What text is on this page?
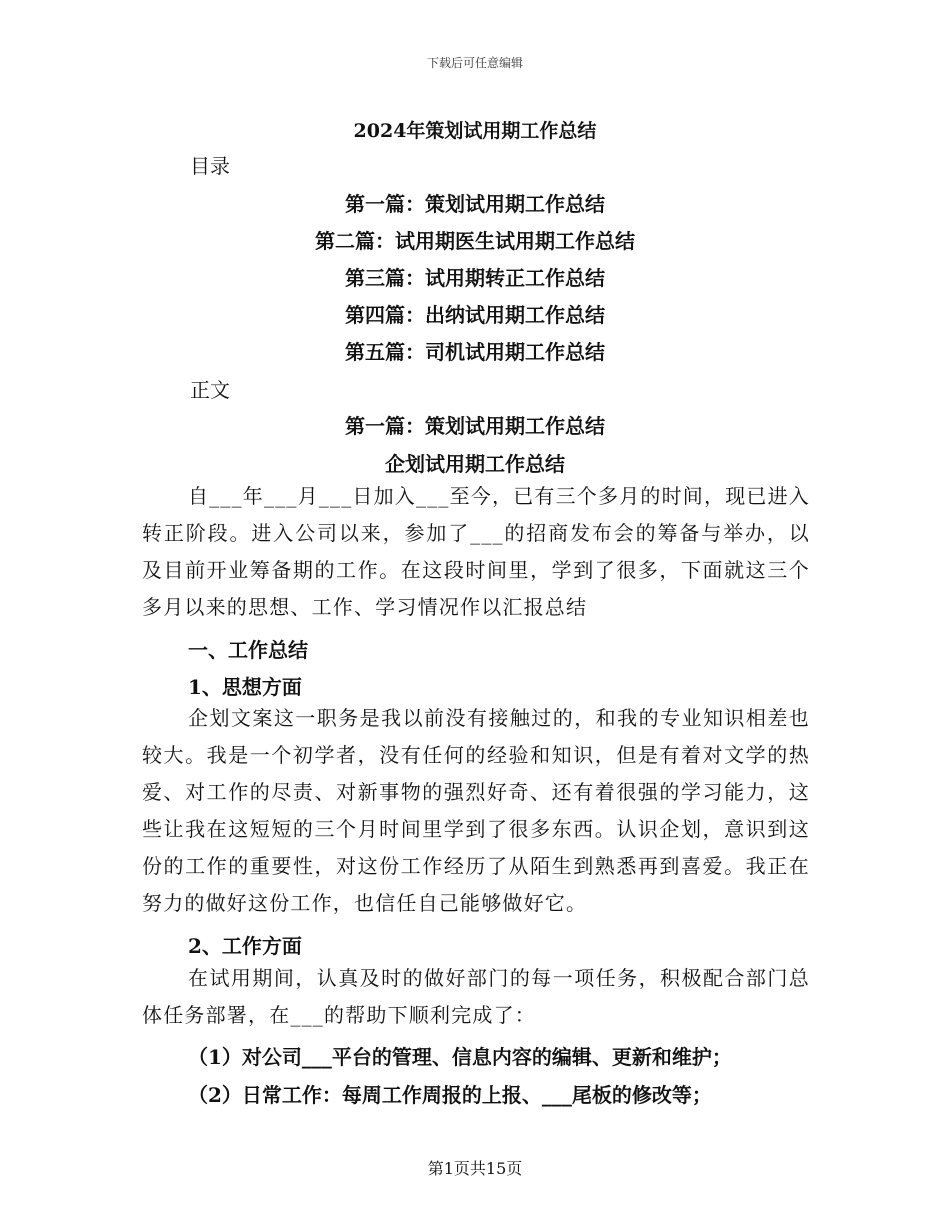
下载后可任意编辑
2024年策划试用期工作总结
目录
第一篇：策划试用期工作总结
第二篇：试用期医生试用期工作总结
第三篇：试用期转正工作总结
第四篇：出纳试用期工作总结
第五篇：司机试用期工作总结
正文
第一篇：策划试用期工作总结
企划试用期工作总结
自___年___月___日加入___至今，已有三个多月的时间，现已进入转正阶段。进入公司以来，参加了___的招商发布会的筹备与举办，以及目前开业筹备期的工作。在这段时间里，学到了很多，下面就这三个多月以来的思想、工作、学习情况作以汇报总结
一、工作总结
1、思想方面
企划文案这一职务是我以前没有接触过的，和我的专业知识相差也较大。我是一个初学者，没有任何的经验和知识，但是有着对文学的热爱、对工作的尽责、对新事物的强烈好奇、还有着很强的学习能力，这些让我在这短短的三个月时间里学到了很多东西。认识企划，意识到这份的工作的重要性，对这份工作经历了从陌生到熟悉再到喜爱。我正在努力的做好这份工作，也信任自己能够做好它。
2、工作方面
在试用期间，认真及时的做好部门的每一项任务，积极配合部门总体任务部署，在___的帮助下顺利完成了：
（1）对公司___平台的管理、信息内容的编辑、更新和维护；
（2）日常工作：每周工作周报的上报、___尾板的修改等；
第1页共15页
